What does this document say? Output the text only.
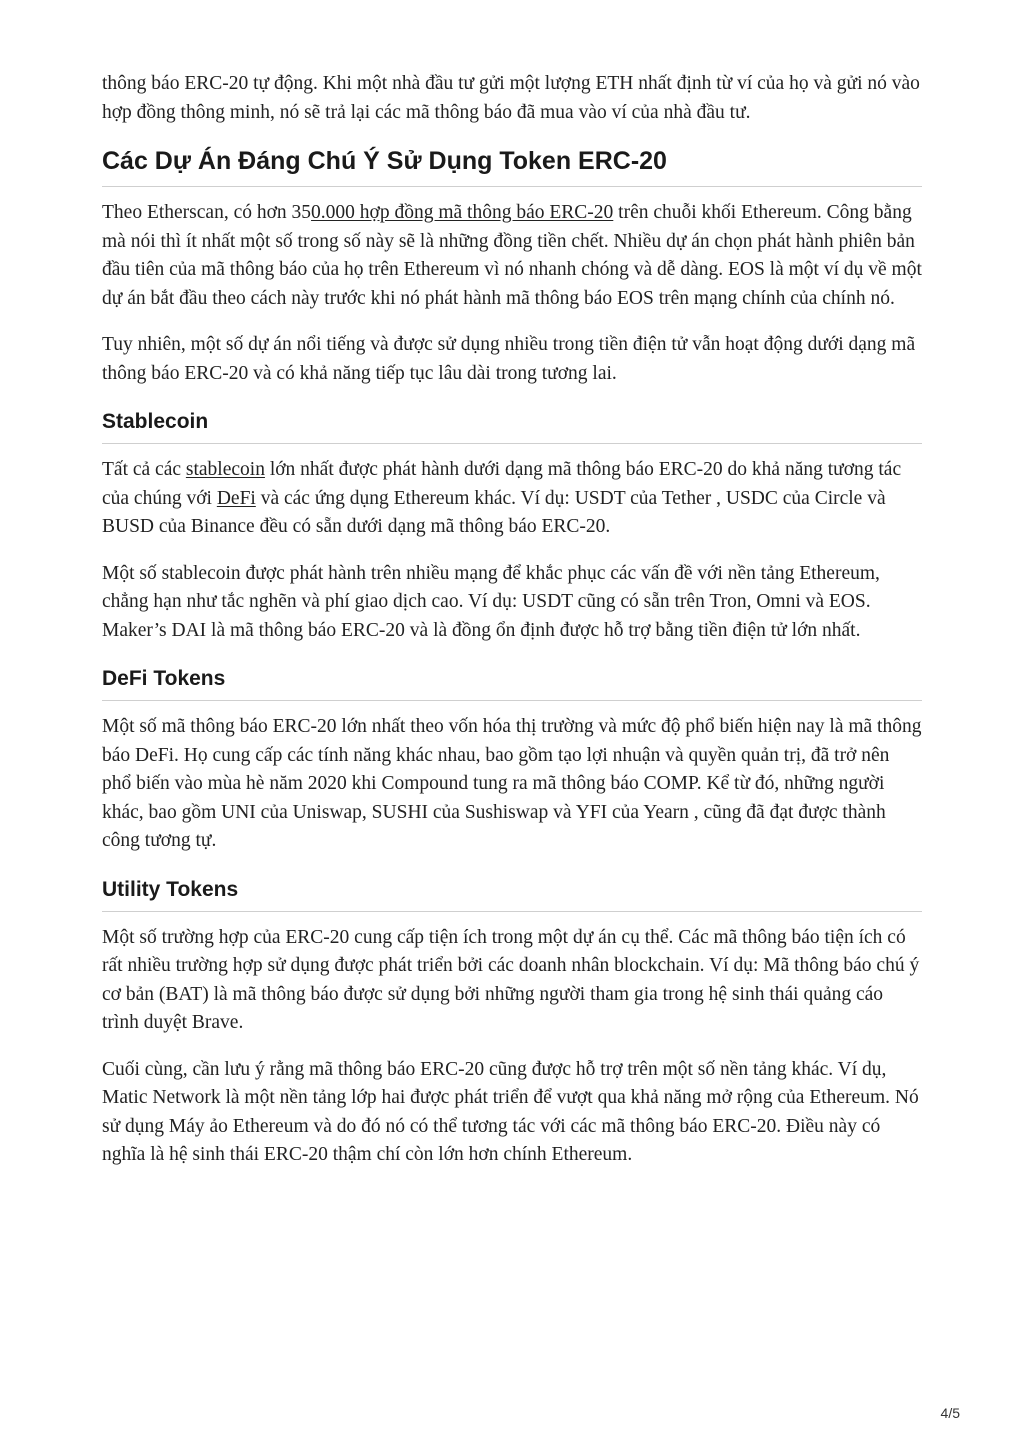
thông báo ERC-20 tự động. Khi một nhà đầu tư gửi một lượng ETH nhất định từ ví của họ và gửi nó vào hợp đồng thông minh, nó sẽ trả lại các mã thông báo đã mua vào ví của nhà đầu tư.

Các Dự Án Đáng Chú Ý Sử Dụng Token ERC-20

Theo Etherscan, có hơn 350.000 hợp đồng mã thông báo ERC-20 trên chuỗi khối Ethereum. Công bằng mà nói thì ít nhất một số trong số này sẽ là những đồng tiền chết. Nhiều dự án chọn phát hành phiên bản đầu tiên của mã thông báo của họ trên Ethereum vì nó nhanh chóng và dễ dàng. EOS là một ví dụ về một dự án bắt đầu theo cách này trước khi nó phát hành mã thông báo EOS trên mạng chính của chính nó.

Tuy nhiên, một số dự án nổi tiếng và được sử dụng nhiều trong tiền điện tử vẫn hoạt động dưới dạng mã thông báo ERC-20 và có khả năng tiếp tục lâu dài trong tương lai.

Stablecoin

Tất cả các stablecoin lớn nhất được phát hành dưới dạng mã thông báo ERC-20 do khả năng tương tác của chúng với DeFi và các ứng dụng Ethereum khác. Ví dụ: USDT của Tether , USDC của Circle và BUSD của Binance đều có sẵn dưới dạng mã thông báo ERC-20.

Một số stablecoin được phát hành trên nhiều mạng để khắc phục các vấn đề với nền tảng Ethereum, chẳng hạn như tắc nghẽn và phí giao dịch cao. Ví dụ: USDT cũng có sẵn trên Tron, Omni và EOS. Maker’s DAI là mã thông báo ERC-20 và là đồng ổn định được hỗ trợ bằng tiền điện tử lớn nhất.

DeFi Tokens

Một số mã thông báo ERC-20 lớn nhất theo vốn hóa thị trường và mức độ phổ biến hiện nay là mã thông báo DeFi. Họ cung cấp các tính năng khác nhau, bao gồm tạo lợi nhuận và quyền quản trị, đã trở nên phổ biến vào mùa hè năm 2020 khi Compound tung ra mã thông báo COMP. Kể từ đó, những người khác, bao gồm UNI của Uniswap, SUSHI của Sushiswap và YFI của Yearn , cũng đã đạt được thành công tương tự.

Utility Tokens

Một số trường hợp của ERC-20 cung cấp tiện ích trong một dự án cụ thể. Các mã thông báo tiện ích có rất nhiều trường hợp sử dụng được phát triển bởi các doanh nhân blockchain. Ví dụ: Mã thông báo chú ý cơ bản (BAT) là mã thông báo được sử dụng bởi những người tham gia trong hệ sinh thái quảng cáo trình duyệt Brave.

Cuối cùng, cần lưu ý rằng mã thông báo ERC-20 cũng được hỗ trợ trên một số nền tảng khác. Ví dụ, Matic Network là một nền tảng lớp hai được phát triển để vượt qua khả năng mở rộng của Ethereum. Nó sử dụng Máy ảo Ethereum và do đó nó có thể tương tác với các mã thông báo ERC-20. Điều này có nghĩa là hệ sinh thái ERC-20 thậm chí còn lớn hơn chính Ethereum.

4/5
